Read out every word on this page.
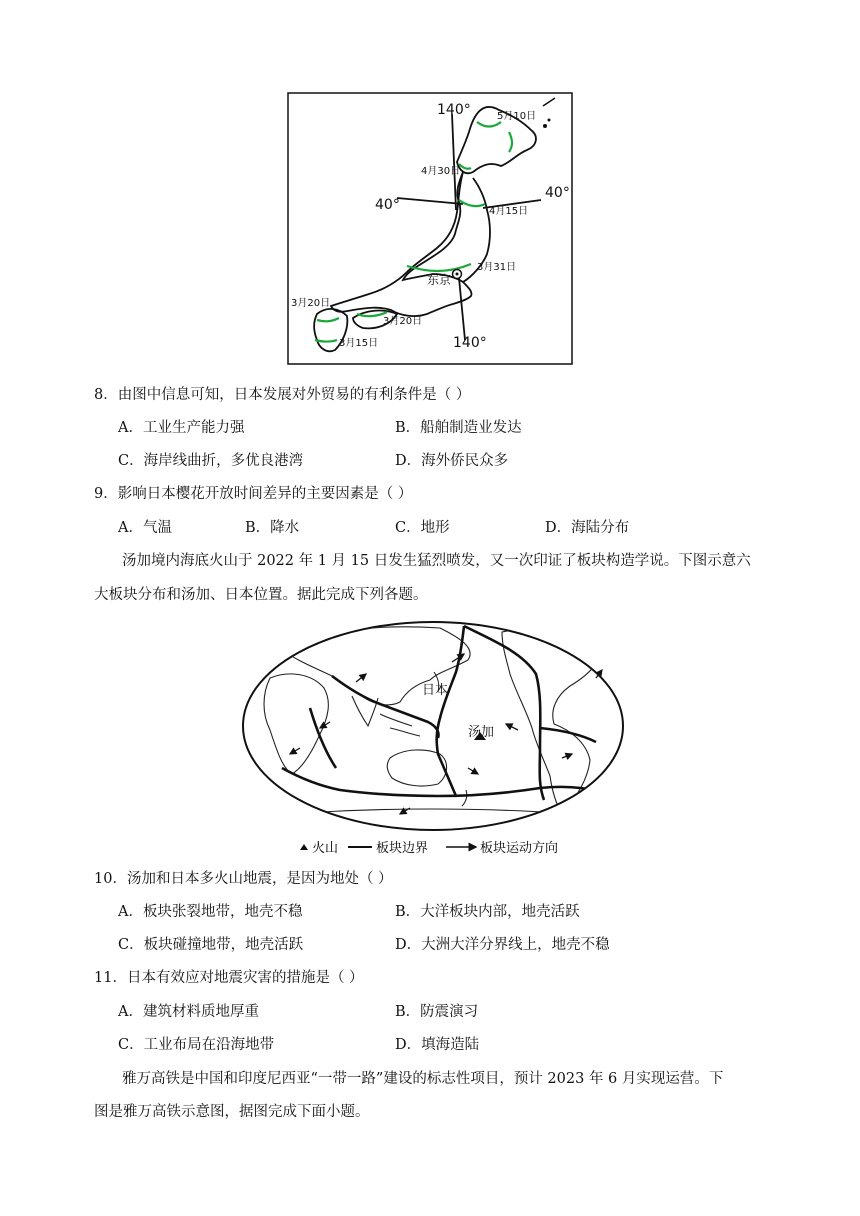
140°
140°
40°
40°
东京
5月10日
4月30日
4月15日
3月31日
3月20日
3月20日
3月15日
8．由图中信息可知，日本发展对外贸易的有利条件是（ ）
A．工业生产能力强	B．船舶制造业发达
C．海岸线曲折，多优良港湾	D．海外侨民众多
9．影响日本樱花开放时间差异的主要因素是（ ）
A．气温	B．降水	C．地形	D．海陆分布
汤加境内海底火山于 2022 年 1 月 15 日发生猛烈喷发，又一次印证了板块构造学说。下图示意六
大板块分布和汤加、日本位置。据此完成下列各题。
日本
汤加
火山	板块边界	板块运动方向
10．汤加和日本多火山地震，是因为地处（ ）
A．板块张裂地带，地壳不稳	B．大洋板块内部，地壳活跃
C．板块碰撞地带，地壳活跃	D．大洲大洋分界线上，地壳不稳
11．日本有效应对地震灾害的措施是（ ）
A．建筑材料质地厚重	B．防震演习
C．工业布局在沿海地带	D．填海造陆
雅万高铁是中国和印度尼西亚“一带一路”建设的标志性项目，预计 2023 年 6 月实现运营。下
图是雅万高铁示意图，据图完成下面小题。
